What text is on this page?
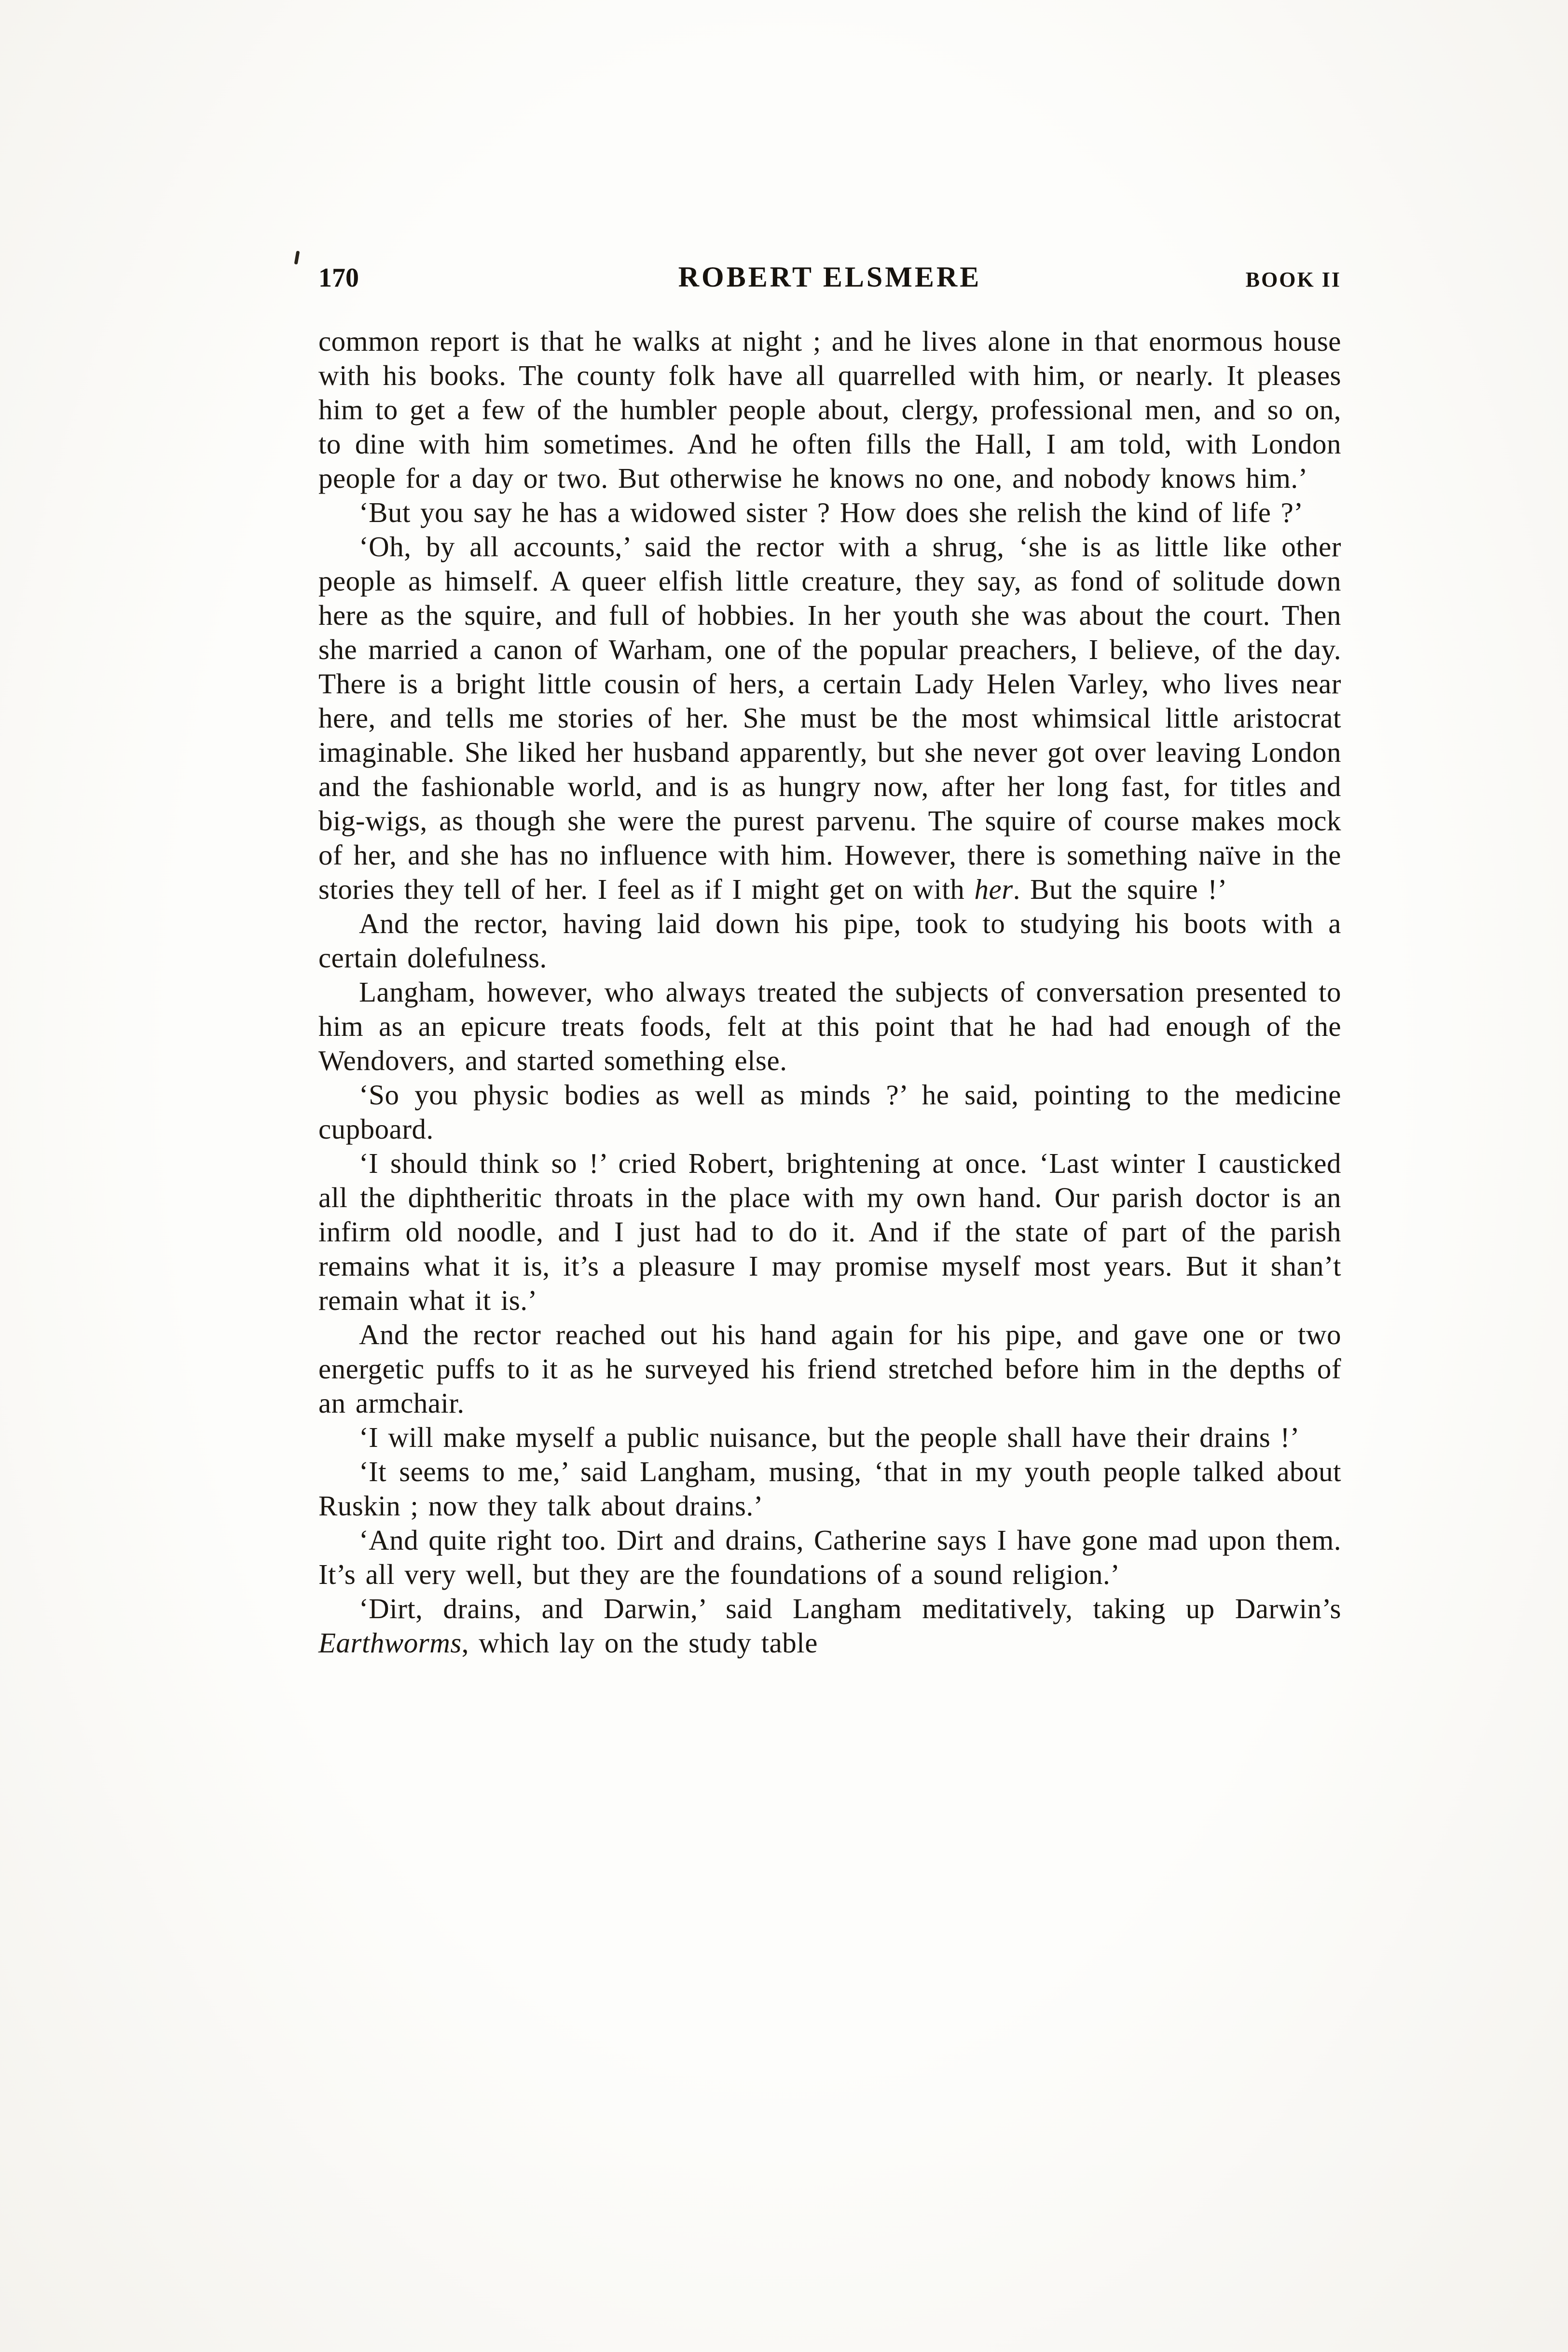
170	ROBERT ELSMERE	BOOK II

common report is that he walks at night ; and he lives alone in that enormous house with his books. The county folk have all quarrelled with him, or nearly. It pleases him to get a few of the humbler people about, clergy, professional men, and so on, to dine with him sometimes. And he often fills the Hall, I am told, with London people for a day or two. But otherwise he knows no one, and nobody knows him.’

‘But you say he has a widowed sister ? How does she relish the kind of life ?’

‘Oh, by all accounts,’ said the rector with a shrug, ‘she is as little like other people as himself. A queer elfish little creature, they say, as fond of solitude down here as the squire, and full of hobbies. In her youth she was about the court. Then she married a canon of Warham, one of the popular preachers, I believe, of the day. There is a bright little cousin of hers, a certain Lady Helen Varley, who lives near here, and tells me stories of her. She must be the most whimsical little aristocrat imaginable. She liked her husband apparently, but she never got over leaving London and the fashionable world, and is as hungry now, after her long fast, for titles and big-wigs, as though she were the purest parvenu. The squire of course makes mock of her, and she has no influence with him. However, there is something naïve in the stories they tell of her. I feel as if I might get on with her. But the squire !’

And the rector, having laid down his pipe, took to studying his boots with a certain dolefulness.

Langham, however, who always treated the subjects of conversation presented to him as an epicure treats foods, felt at this point that he had had enough of the Wendovers, and started something else.

‘So you physic bodies as well as minds ?’ he said, pointing to the medicine cupboard.

‘I should think so !’ cried Robert, brightening at once. ‘Last winter I causticked all the diphtheritic throats in the place with my own hand. Our parish doctor is an infirm old noodle, and I just had to do it. And if the state of part of the parish remains what it is, it’s a pleasure I may promise myself most years. But it shan’t remain what it is.’

And the rector reached out his hand again for his pipe, and gave one or two energetic puffs to it as he surveyed his friend stretched before him in the depths of an armchair.

‘I will make myself a public nuisance, but the people shall have their drains !’

‘It seems to me,’ said Langham, musing, ‘that in my youth people talked about Ruskin ; now they talk about drains.’

‘And quite right too. Dirt and drains, Catherine says I have gone mad upon them. It’s all very well, but they are the foundations of a sound religion.’

‘Dirt, drains, and Darwin,’ said Langham meditatively, taking up Darwin’s Earthworms, which lay on the study table
